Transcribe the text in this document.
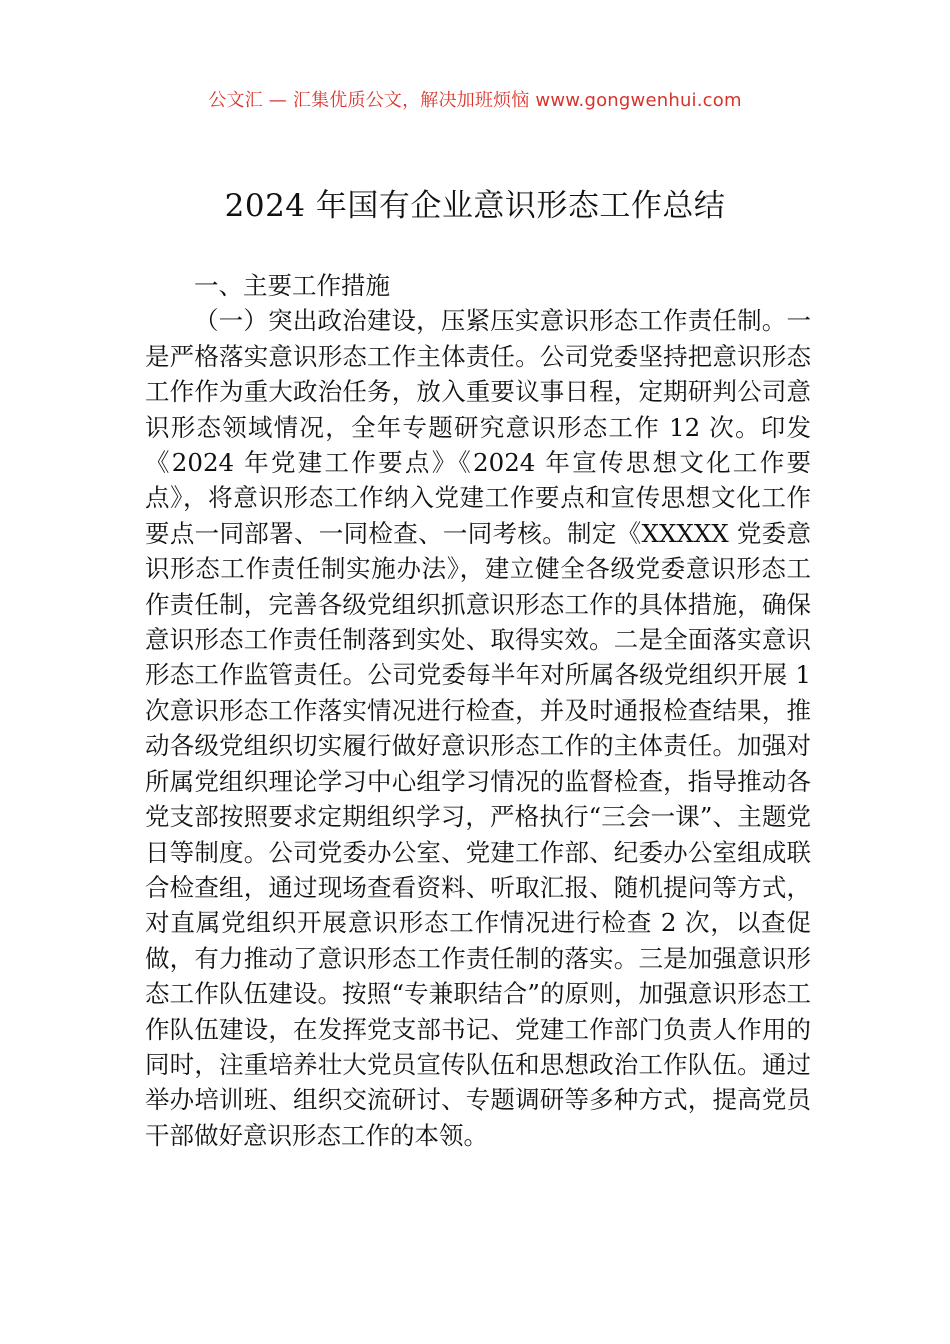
公文汇 — 汇集优质公文，解决加班烦恼 www.gongwenhui.com
2024 年国有企业意识形态工作总结

一、主要工作措施

（一）突出政治建设，压紧压实意识形态工作责任制。一是严格落实意识形态工作主体责任。公司党委坚持把意识形态工作作为重大政治任务，放入重要议事日程，定期研判公司意识形态领域情况，全年专题研究意识形态工作 12 次。印发《2024 年党建工作要点》《2024 年宣传思想文化工作要点》，将意识形态工作纳入党建工作要点和宣传思想文化工作要点一同部署、一同检查、一同考核。制定《XXXXX 党委意识形态工作责任制实施办法》，建立健全各级党委意识形态工作责任制，完善各级党组织抓意识形态工作的具体措施，确保意识形态工作责任制落到实处、取得实效。二是全面落实意识形态工作监管责任。公司党委每半年对所属各级党组织开展 1 次意识形态工作落实情况进行检查，并及时通报检查结果，推动各级党组织切实履行做好意识形态工作的主体责任。加强对所属党组织理论学习中心组学习情况的监督检查，指导推动各党支部按照要求定期组织学习，严格执行“三会一课”、主题党日等制度。公司党委办公室、党建工作部、纪委办公室组成联合检查组，通过现场查看资料、听取汇报、随机提问等方式，对直属党组织开展意识形态工作情况进行检查 2 次，以查促做，有力推动了意识形态工作责任制的落实。三是加强意识形态工作队伍建设。按照“专兼职结合”的原则，加强意识形态工作队伍建设，在发挥党支部书记、党建工作部门负责人作用的同时，注重培养壮大党员宣传队伍和思想政治工作队伍。通过举办培训班、组织交流研讨、专题调研等多种方式，提高党员干部做好意识形态工作的本领。
